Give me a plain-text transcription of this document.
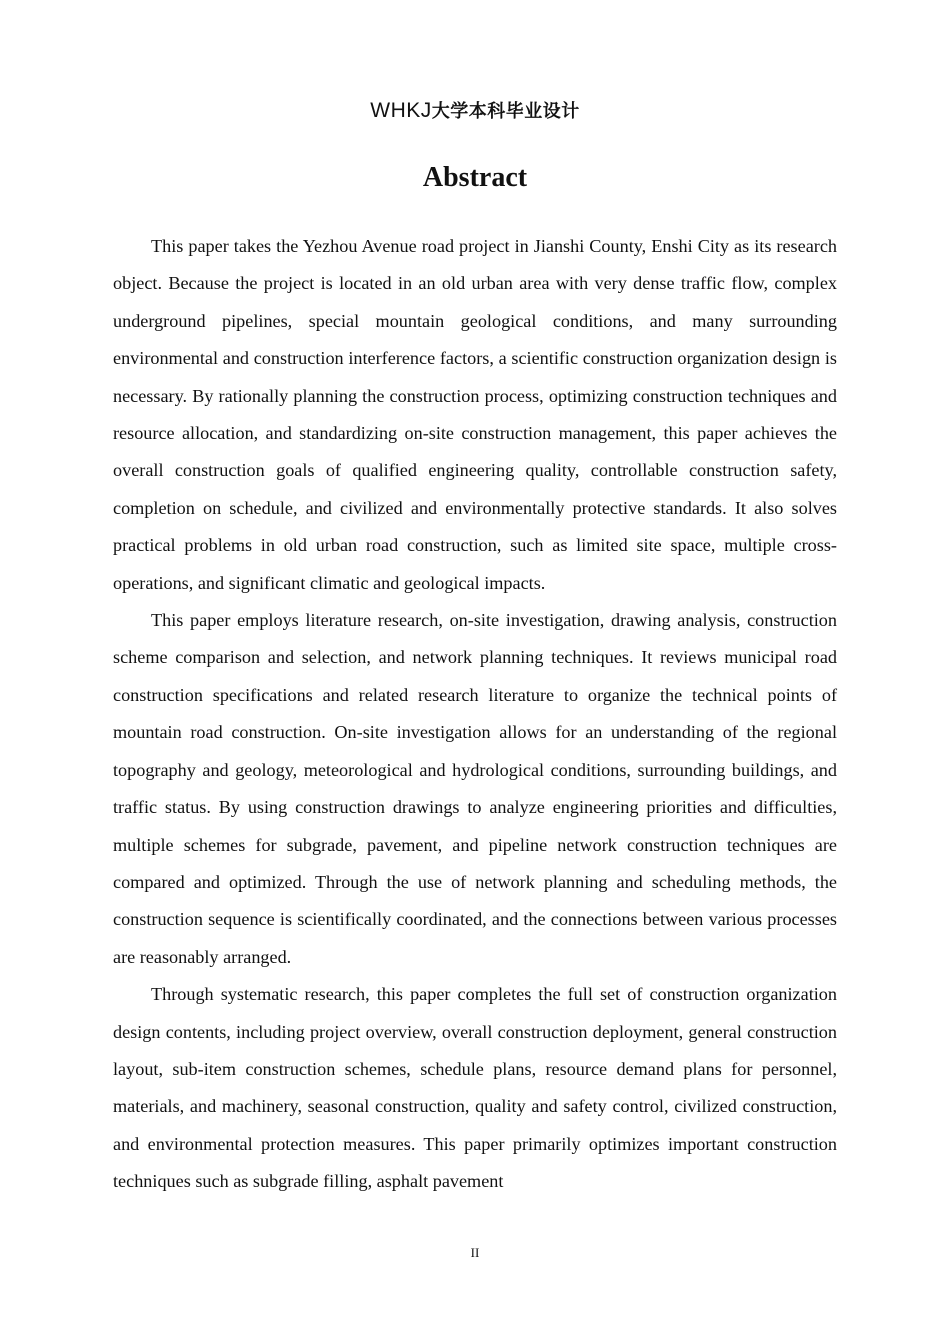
WHKJ大学本科毕业设计
Abstract

This paper takes the Yezhou Avenue road project in Jianshi County, Enshi City as its research object. Because the project is located in an old urban area with very dense traffic flow, complex underground pipelines, special mountain geological conditions, and many surrounding environmental and construction interference factors, a scientific construction organization design is necessary. By rationally planning the construction process, optimizing construction techniques and resource allocation, and standardizing on-site construction management, this paper achieves the overall construction goals of qualified engineering quality, controllable construction safety, completion on schedule, and civilized and environmentally protective standards. It also solves practical problems in old urban road construction, such as limited site space, multiple cross-operations, and significant climatic and geological impacts.

This paper employs literature research, on-site investigation, drawing analysis, construction scheme comparison and selection, and network planning techniques. It reviews municipal road construction specifications and related research literature to organize the technical points of mountain road construction. On-site investigation allows for an understanding of the regional topography and geology, meteorological and hydrological conditions, surrounding buildings, and traffic status. By using construction drawings to analyze engineering priorities and difficulties, multiple schemes for subgrade, pavement, and pipeline network construction techniques are compared and optimized. Through the use of network planning and scheduling methods, the construction sequence is scientifically coordinated, and the connections between various processes are reasonably arranged.

Through systematic research, this paper completes the full set of construction organization design contents, including project overview, overall construction deployment, general construction layout, sub-item construction schemes, schedule plans, resource demand plans for personnel, materials, and machinery, seasonal construction, quality and safety control, civilized construction, and environmental protection measures. This paper primarily optimizes important construction techniques such as subgrade filling, asphalt pavement

II
